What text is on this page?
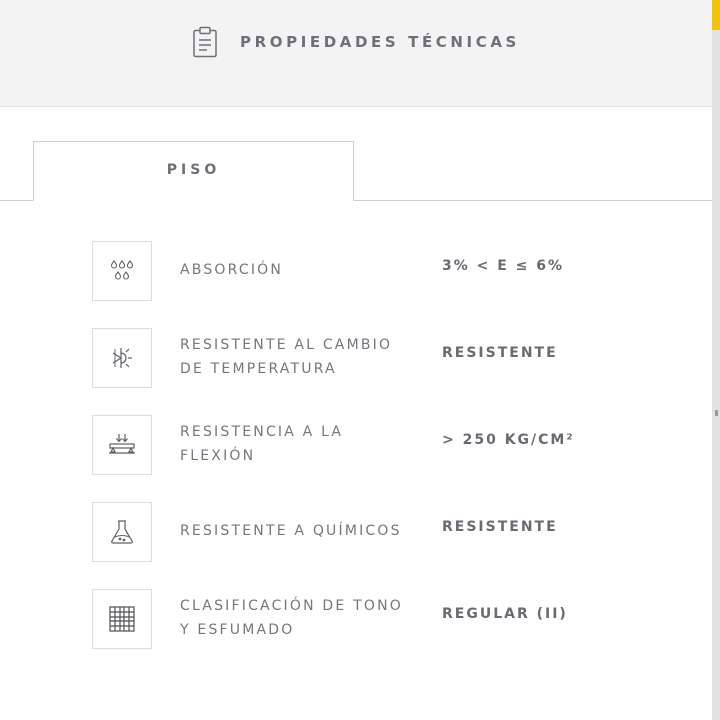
PROPIEDADES TÉCNICAS
PISO
ABSORCIÓN	3% < E ≤ 6%
RESISTENTE AL CAMBIO
DE TEMPERATURA
RESISTENTE
RESISTENCIA A LA
FLEXIÓN
> 250 KG/CM²
RESISTENTE A QUÍMICOS	RESISTENTE
CLASIFICACIÓN DE TONO
Y ESFUMADO
REGULAR (II)
